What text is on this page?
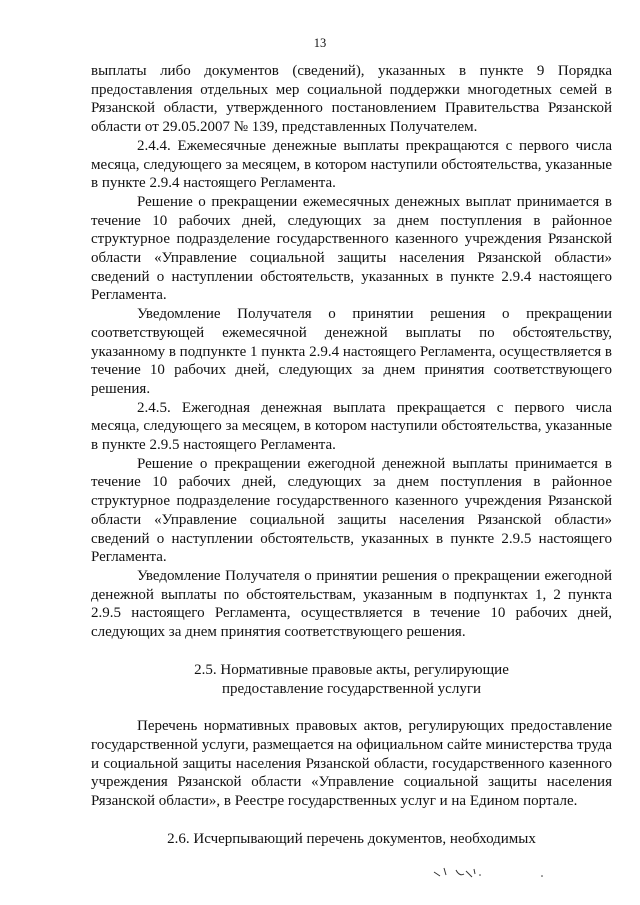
13

выплаты либо документов (сведений), указанных в пункте 9 Порядка предоставления отдельных мер социальной поддержки многодетных семей в Рязанской области, утвержденного постановлением Правительства Рязанской области от 29.05.2007 № 139, представленных Получателем.

2.4.4. Ежемесячные денежные выплаты прекращаются с первого числа месяца, следующего за месяцем, в котором наступили обстоятельства, указанные в пункте 2.9.4 настоящего Регламента.

Решение о прекращении ежемесячных денежных выплат принимается в течение 10 рабочих дней, следующих за днем поступления в районное структурное подразделение государственного казенного учреждения Рязанской области «Управление социальной защиты населения Рязанской области» сведений о наступлении обстоятельств, указанных в пункте 2.9.4 настоящего Регламента.

Уведомление Получателя о принятии решения о прекращении соответствующей ежемесячной денежной выплаты по обстоятельству, указанному в подпункте 1 пункта 2.9.4 настоящего Регламента, осуществляется в течение 10 рабочих дней, следующих за днем принятия соответствующего решения.

2.4.5. Ежегодная денежная выплата прекращается с первого числа месяца, следующего за месяцем, в котором наступили обстоятельства, указанные в пункте 2.9.5 настоящего Регламента.

Решение о прекращении ежегодной денежной выплаты принимается в течение 10 рабочих дней, следующих за днем поступления в районное структурное подразделение государственного казенного учреждения Рязанской области «Управление социальной защиты населения Рязанской области» сведений о наступлении обстоятельств, указанных в пункте 2.9.5 настоящего Регламента.

Уведомление Получателя о принятии решения о прекращении ежегодной денежной выплаты по обстоятельствам, указанным в подпунктах 1, 2 пункта 2.9.5 настоящего Регламента, осуществляется в течение 10 рабочих дней, следующих за днем принятия соответствующего решения.

2.5. Нормативные правовые акты, регулирующие
предоставление государственной услуги

Перечень нормативных правовых актов, регулирующих предоставление государственной услуги, размещается на официальном сайте министерства труда и социальной защиты населения Рязанской области, государственного казенного учреждения Рязанской области «Управление социальной защиты населения Рязанской области», в Реестре государственных услуг и на Едином портале.

2.6. Исчерпывающий перечень документов, необходимых
